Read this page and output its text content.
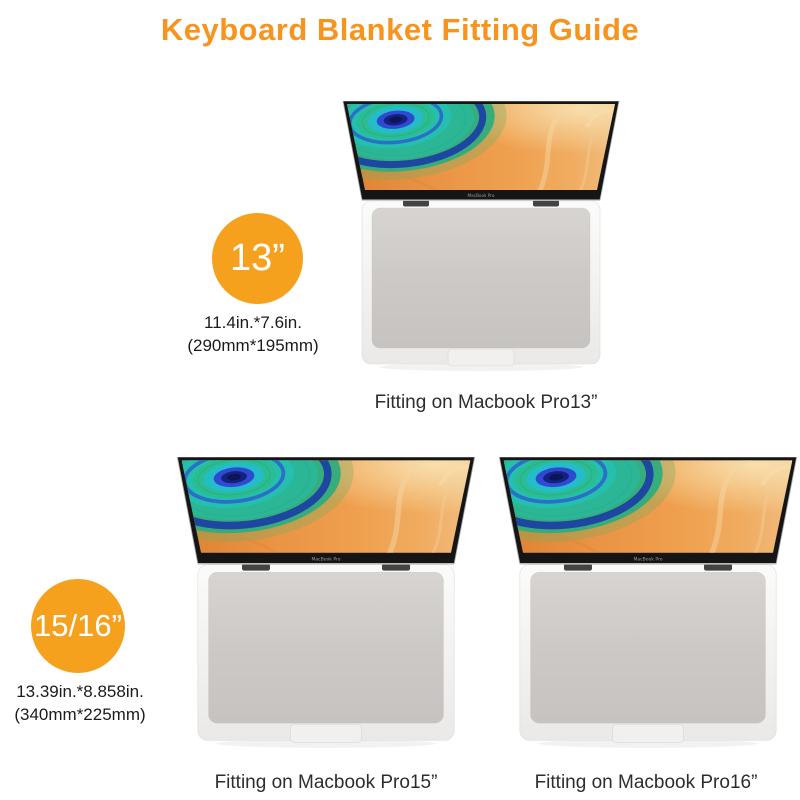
Keyboard Blanket Fitting Guide
13”
11.4in.*7.6in.
(290mm*195mm)
Fitting on Macbook Pro13”
15/16”
13.39in.*8.858in.
(340mm*225mm)
Fitting on Macbook Pro15”	Fitting on Macbook Pro16”
